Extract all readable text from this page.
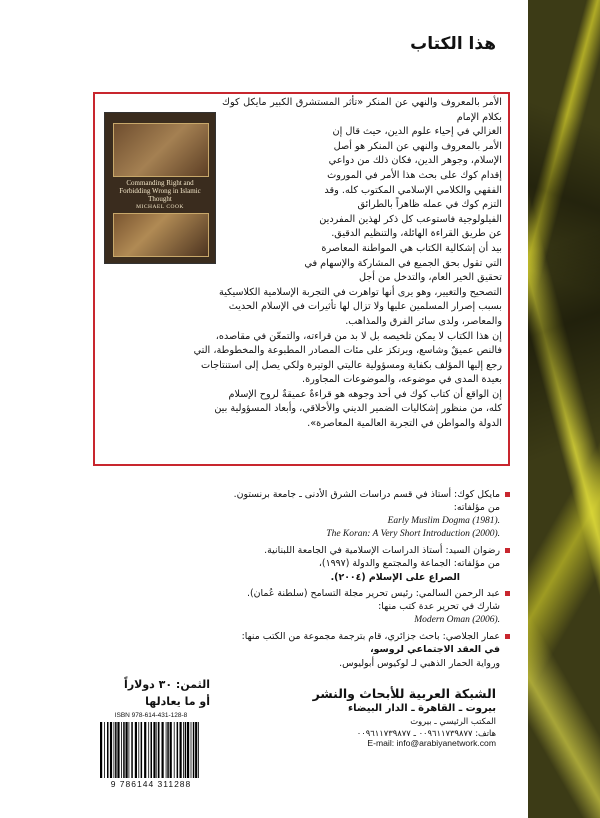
هذا الكتاب
Commanding Right and Forbidding Wrong in Islamic Thought
MICHAEL COOK

الأمر بالمعروف والنهي عن المنكر «تأثر المستشرق الكبير مايكل كوك بكلام الإمام
الغزالي في إحياء علوم الدين، حيث قال إن
الأمر بالمعروف والنهي عن المنكر هو أصل
الإسلام، وجوهر الدين، فكان ذلك من دواعي
إقدام كوك على بحث هذا الأمر في الموروث
الفقهي والكلامي الإسلامي المكتوب كله. وقد
التزم كوك في عمله ظاهراً بالطرائق
الفيلولوجية فاستوعب كل ذكر لهذين المفردين
عن طريق القراءة الهائلة، والتنظيم الدقيق.
بيد أن إشكالية الكتاب هي المواطنة المعاصرة
التي تقول بحق الجميع في المشاركة والإسهام في
تحقيق الخير العام، والتدخل من أجل

التصحيح والتغيير، وهو يرى أنها تواهرت في التجربة الإسلامية الكلاسيكية
بسبب إصرار المسلمين عليها ولا تزال لها تأثيرات في الإسلام الحديث
والمعاصر، ولدى سائر الفرق والمذاهب.

إن هذا الكتاب لا يمكن تلخيصه بل لا بد من قراءته، والتمعّن في مقاصده،
فالنص عميقٌ وشاسع، ويرتكز على مئات المصادر المطبوعة والمخطوطة، التي
رجع إليها المؤلف بكفاية ومسؤولية عاليتي الوتيرة ولكي يصل إلى استنتاجات
بعيدة المدى في موضوعه، والموضوعات المجاورة.

إن الواقع أن كتاب كوك في أحد وجوهه هو قراءةٌ عميقةٌ لروح الإسلام
كله، من منظور إشكاليات الضمير الديني والأخلاقي، وأبعاد المسؤولية بين
الدولة والمواطن في التجربة العالمية المعاصرة».

مايكل كوك: أستاذ في قسم دراسات الشرق الأدنى ـ جامعة برنستون.
من مؤلفاته:
Early Muslim Dogma (1981).
The Koran: A Very Short Introduction (2000).
رضوان السيد: أستاذ الدراسات الإسلامية في الجامعة اللبنانية.
من مؤلفاته: الجماعة والمجتمع والدولة (١٩٩٧)،
الصراع على الإسلام (٢٠٠٤).
عبد الرحمن السالمي: رئيس تحرير مجلة التسامح (سلطنة عُمان).
شارك في تحرير عدة كتب منها:
Modern Oman (2006).
عمار الجلاصي: باحث جزائري، قام بترجمة مجموعة من الكتب منها:
في العقد الاجتماعي لروسو،
ورواية الحمار الذهبي لـ لوكيوس أبوليوس.
الثمن: ٣٠ دولاراً
أو ما يعادلها
ISBN 978-614-431-128-8
9 786144 311288
الشبكة العربية للأبحاث والنشر
بيروت ـ القاهرة ـ الدار البيضاء
المكتب الرئيسي ـ بيروت
هاتف: ٠٠٩٦١١٧٣٩٨٧٧ ـ ٠٠٩٦١١٧٣٩٨٧٧
E-mail: info@arabiyanetwork.com
